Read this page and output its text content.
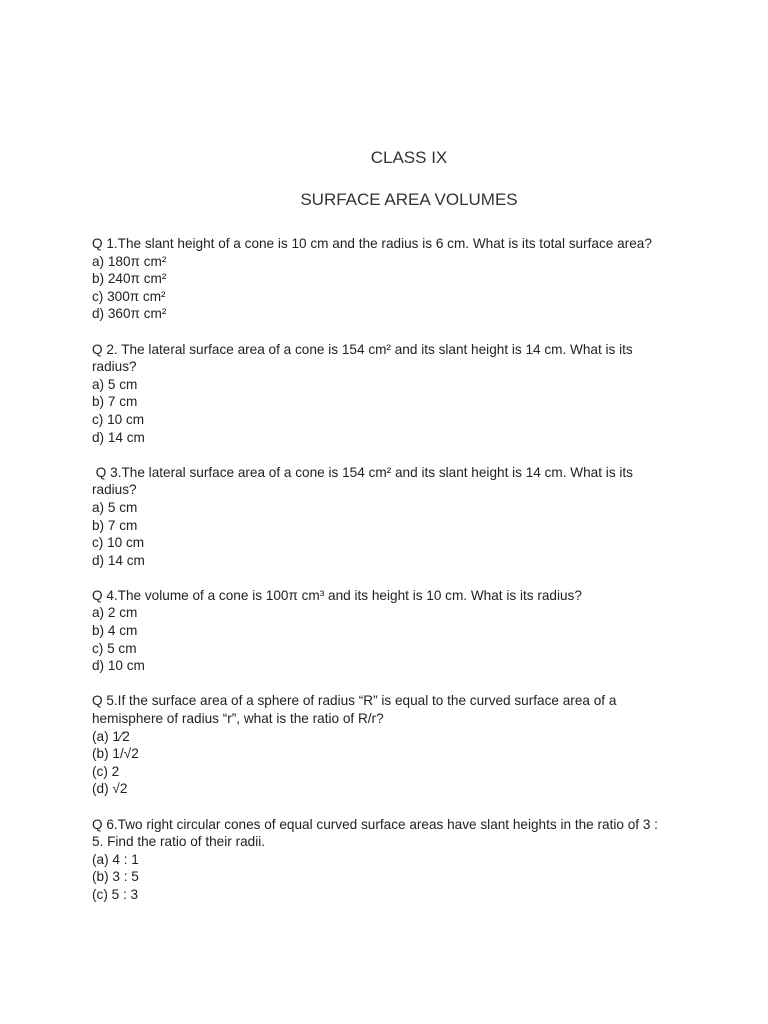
CLASS IX

SURFACE AREA VOLUMES

Q 1.The slant height of a cone is 10 cm and the radius is 6 cm. What is its total surface area?

a) 180π cm²

b) 240π cm²

c) 300π cm²

d) 360π cm²

Q 2. The lateral surface area of a cone is 154 cm² and its slant height is 14 cm. What is its radius?

a) 5 cm

b) 7 cm

c) 10 cm

d) 14 cm

Q 3.The lateral surface area of a cone is 154 cm² and its slant height is 14 cm. What is its radius?

a) 5 cm

b) 7 cm

c) 10 cm

d) 14 cm

Q 4.The volume of a cone is 100π cm³ and its height is 10 cm. What is its radius?

a) 2 cm

b) 4 cm

c) 5 cm

d) 10 cm

Q 5.If the surface area of a sphere of radius “R” is equal to the curved surface area of a hemisphere of radius “r”, what is the ratio of R/r?

(a) 1⁄2

(b) 1/√2

(c) 2

(d) √2

Q 6.Two right circular cones of equal curved surface areas have slant heights in the ratio of 3 : 5. Find the ratio of their radii.

(a) 4 : 1

(b) 3 : 5

(c) 5 : 3
